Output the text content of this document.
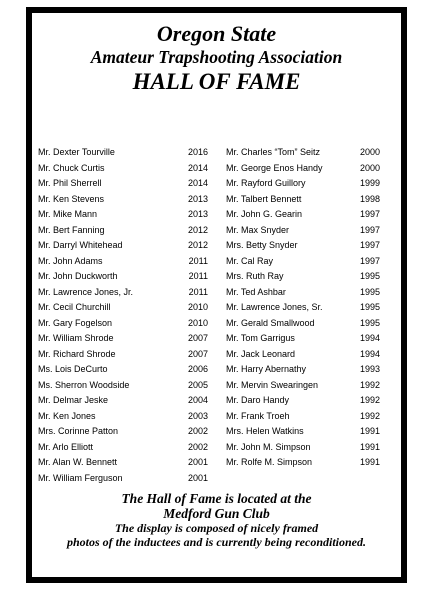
Oregon State
Amateur Trapshooting Association
HALL OF FAME
Mr. Dexter Tourville	2016
Mr. Chuck Curtis	2014
Mr. Phil Sherrell	2014
Mr. Ken Stevens	2013
Mr. Mike Mann	2013
Mr. Bert Fanning	2012
Mr. Darryl Whitehead	2012
Mr. John Adams	2011
Mr. John Duckworth	2011
Mr. Lawrence Jones, Jr.	2011
Mr. Cecil Churchill	2010
Mr. Gary Fogelson	2010
Mr. William Shrode	2007
Mr. Richard Shrode	2007
Ms. Lois DeCurto	2006
Ms. Sherron Woodside	2005
Mr. Delmar Jeske	2004
Mr. Ken Jones	2003
Mrs. Corinne Patton	2002
Mr. Arlo Elliott	2002
Mr. Alan W. Bennett	2001
Mr. William Ferguson	2001
Mr. Charles “Tom” Seitz	2000
Mr. George Enos Handy	2000
Mr. Rayford Guillory	1999
Mr. Talbert Bennett	1998
Mr. John G. Gearin	1997
Mr. Max Snyder	1997
Mrs. Betty Snyder	1997
Mr. Cal Ray	1997
Mrs. Ruth Ray	1995
Mr. Ted Ashbar	1995
Mr. Lawrence Jones, Sr.	1995
Mr. Gerald Smallwood	1995
Mr. Tom Garrigus	1994
Mr. Jack Leonard	1994
Mr. Harry Abernathy	1993
Mr. Mervin Swearingen	1992
Mr. Daro Handy	1992
Mr. Frank Troeh	1992
Mrs. Helen Watkins	1991
Mr. John M. Simpson	1991
Mr. Rolfe M. Simpson	1991
The Hall of Fame is located at the
Medford Gun Club
The display is composed of nicely framed
photos of the inductees and is currently being reconditioned.
